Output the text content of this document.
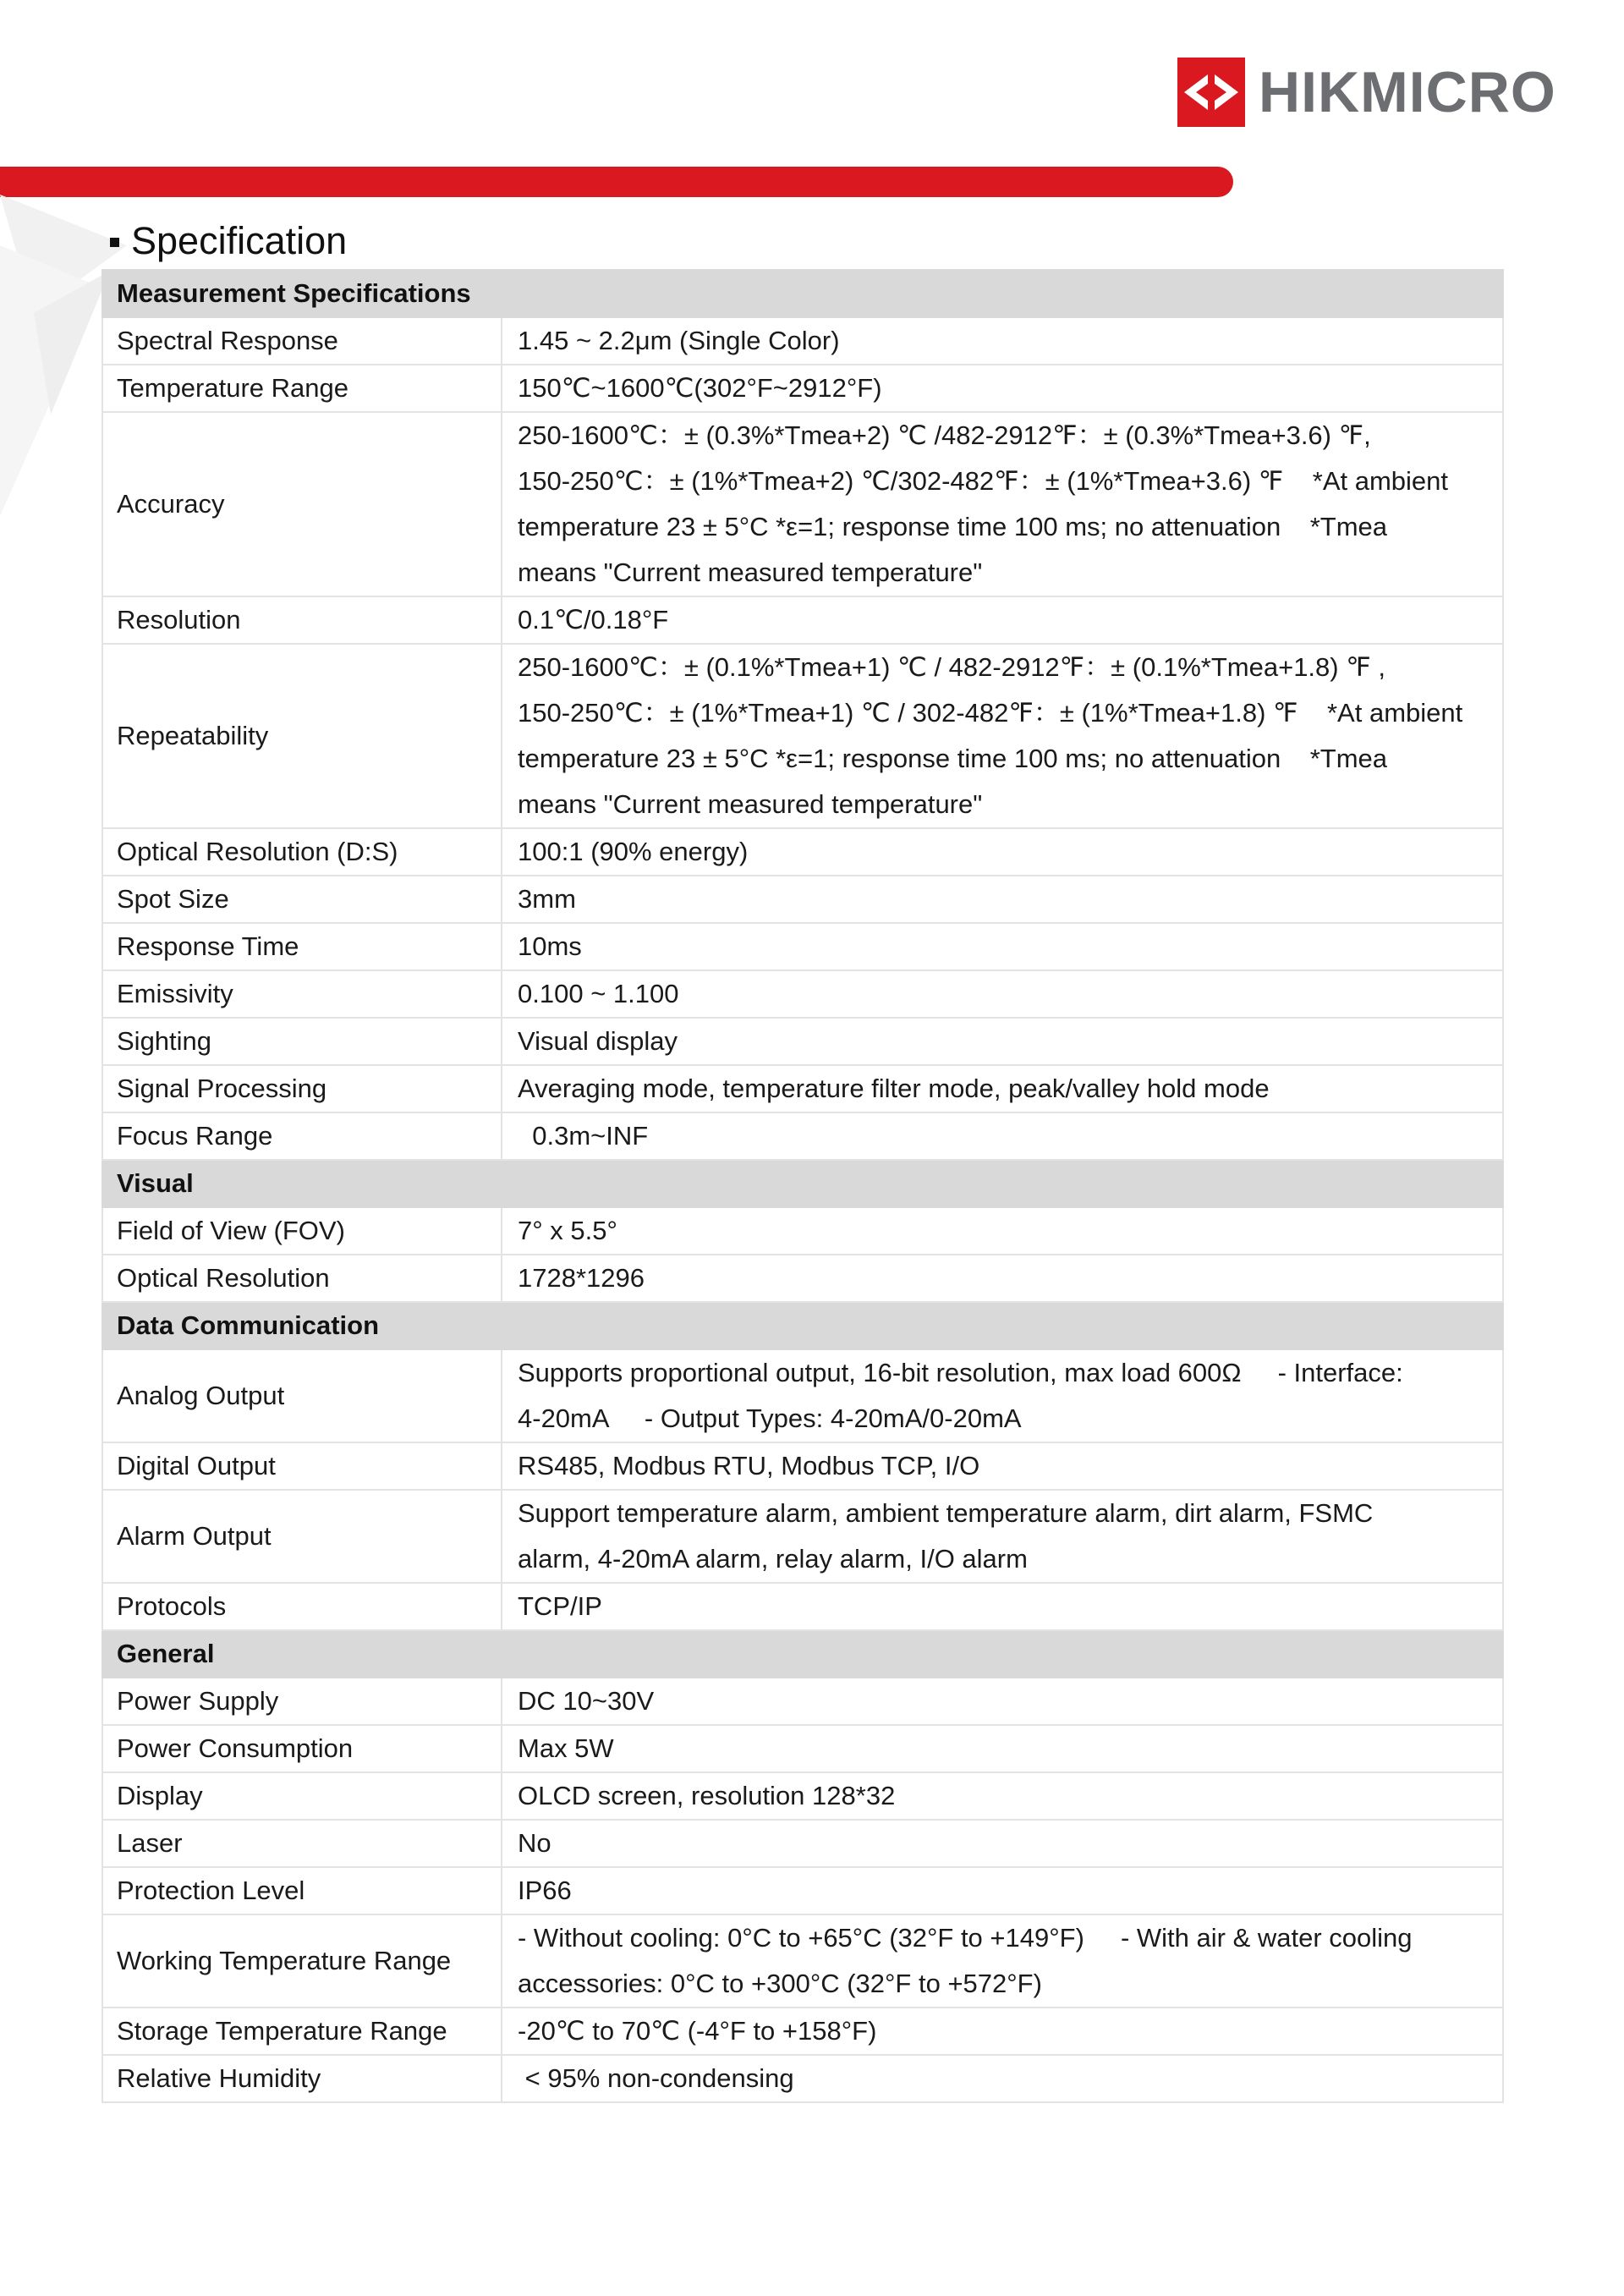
HIKMICRO
Specification
Measurement Specifications	
Spectral Response	1.45 ~ 2.2μm (Single Color)

Temperature Range	150℃~1600℃(302°F~2912°F)

Accuracy	250-1600℃：± (0.3%*Tmea+2) ℃ /482-2912℉：± (0.3%*Tmea+3.6) ℉,
150-250℃：± (1%*Tmea+2) ℃/302-482℉：± (1%*Tmea+3.6) ℉    *At ambient
temperature 23 ± 5°C *ε=1; response time 100 ms; no attenuation    *Tmea
means "Current measured temperature"

Resolution	0.1℃/0.18°F

Repeatability	250-1600℃：± (0.1%*Tmea+1) ℃ / 482-2912℉：± (0.1%*Tmea+1.8) ℉ ,
150-250℃：± (1%*Tmea+1) ℃ / 302-482℉：± (1%*Tmea+1.8) ℉    *At ambient
temperature 23 ± 5°C *ε=1; response time 100 ms; no attenuation    *Tmea
means "Current measured temperature"

Optical Resolution (D:S)	100:1 (90% energy)

Spot Size	3mm

Response Time	10ms

Emissivity	0.100 ~ 1.100

Sighting	Visual display

Signal Processing	Averaging mode, temperature filter mode, peak/valley hold mode

Focus Range	0.3m~INF

Visual	
Field of View (FOV)	7° x 5.5°

Optical Resolution	1728*1296

Data Communication	
Analog Output	Supports proportional output, 16-bit resolution, max load 600Ω     - Interface:
4-20mA     - Output Types: 4-20mA/0-20mA

Digital Output	RS485, Modbus RTU, Modbus TCP, I/O

Alarm Output	Support temperature alarm, ambient temperature alarm, dirt alarm, FSMC
alarm, 4-20mA alarm, relay alarm, I/O alarm

Protocols	TCP/IP

General	
Power Supply	DC 10~30V

Power Consumption	Max 5W

Display	OLCD screen, resolution 128*32

Laser	No

Protection Level	IP66

Working Temperature Range	- Without cooling: 0°C to +65°C (32°F to +149°F)     - With air & water cooling
accessories: 0°C to +300°C (32°F to +572°F)

Storage Temperature Range	-20℃ to 70℃ (-4°F to +158°F)

Relative Humidity	< 95% non-condensing
